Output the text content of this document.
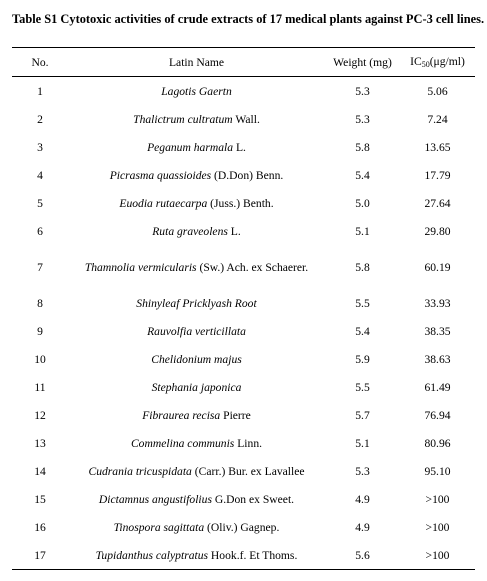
Table S1 Cytotoxic activities of crude extracts of 17 medical plants against PC-3 cell lines.
No.	Latin Name	Weight (mg)	$IC_{50}(\mu g/ml)$
1	Lagotis Gaertn	5.3	5.06
2	Thalictrum cultratum Wall.	5.3	7.24
3	Peganum harmala L.	5.8	13.65
4	Picrasma quassioides (D.Don) Benn.	5.4	17.79
5	Euodia rutaecarpa (Juss.) Benth.	5.0	27.64
6	Ruta graveolens L.	5.1	29.80
7	Thamnolia vermicularis (Sw.) Ach. ex Schaerer.	5.8	60.19
8	Shinyleaf Pricklyash Root	5.5	33.93
9	Rauvolfia verticillata	5.4	38.35
10	Chelidonium majus	5.9	38.63
11	Stephania japonica	5.5	61.49
12	Fibraurea recisa Pierre	5.7	76.94
13	Commelina communis Linn.	5.1	80.96
14	Cudrania tricuspidata (Carr.) Bur. ex Lavallee	5.3	95.10
15	Dictamnus angustifolius G.Don ex Sweet.	4.9	>100
16	Tinospora sagittata (Oliv.) Gagnep.	4.9	>100
17	Tupidanthus calyptratus Hook.f. Et Thoms.	5.6	>100
